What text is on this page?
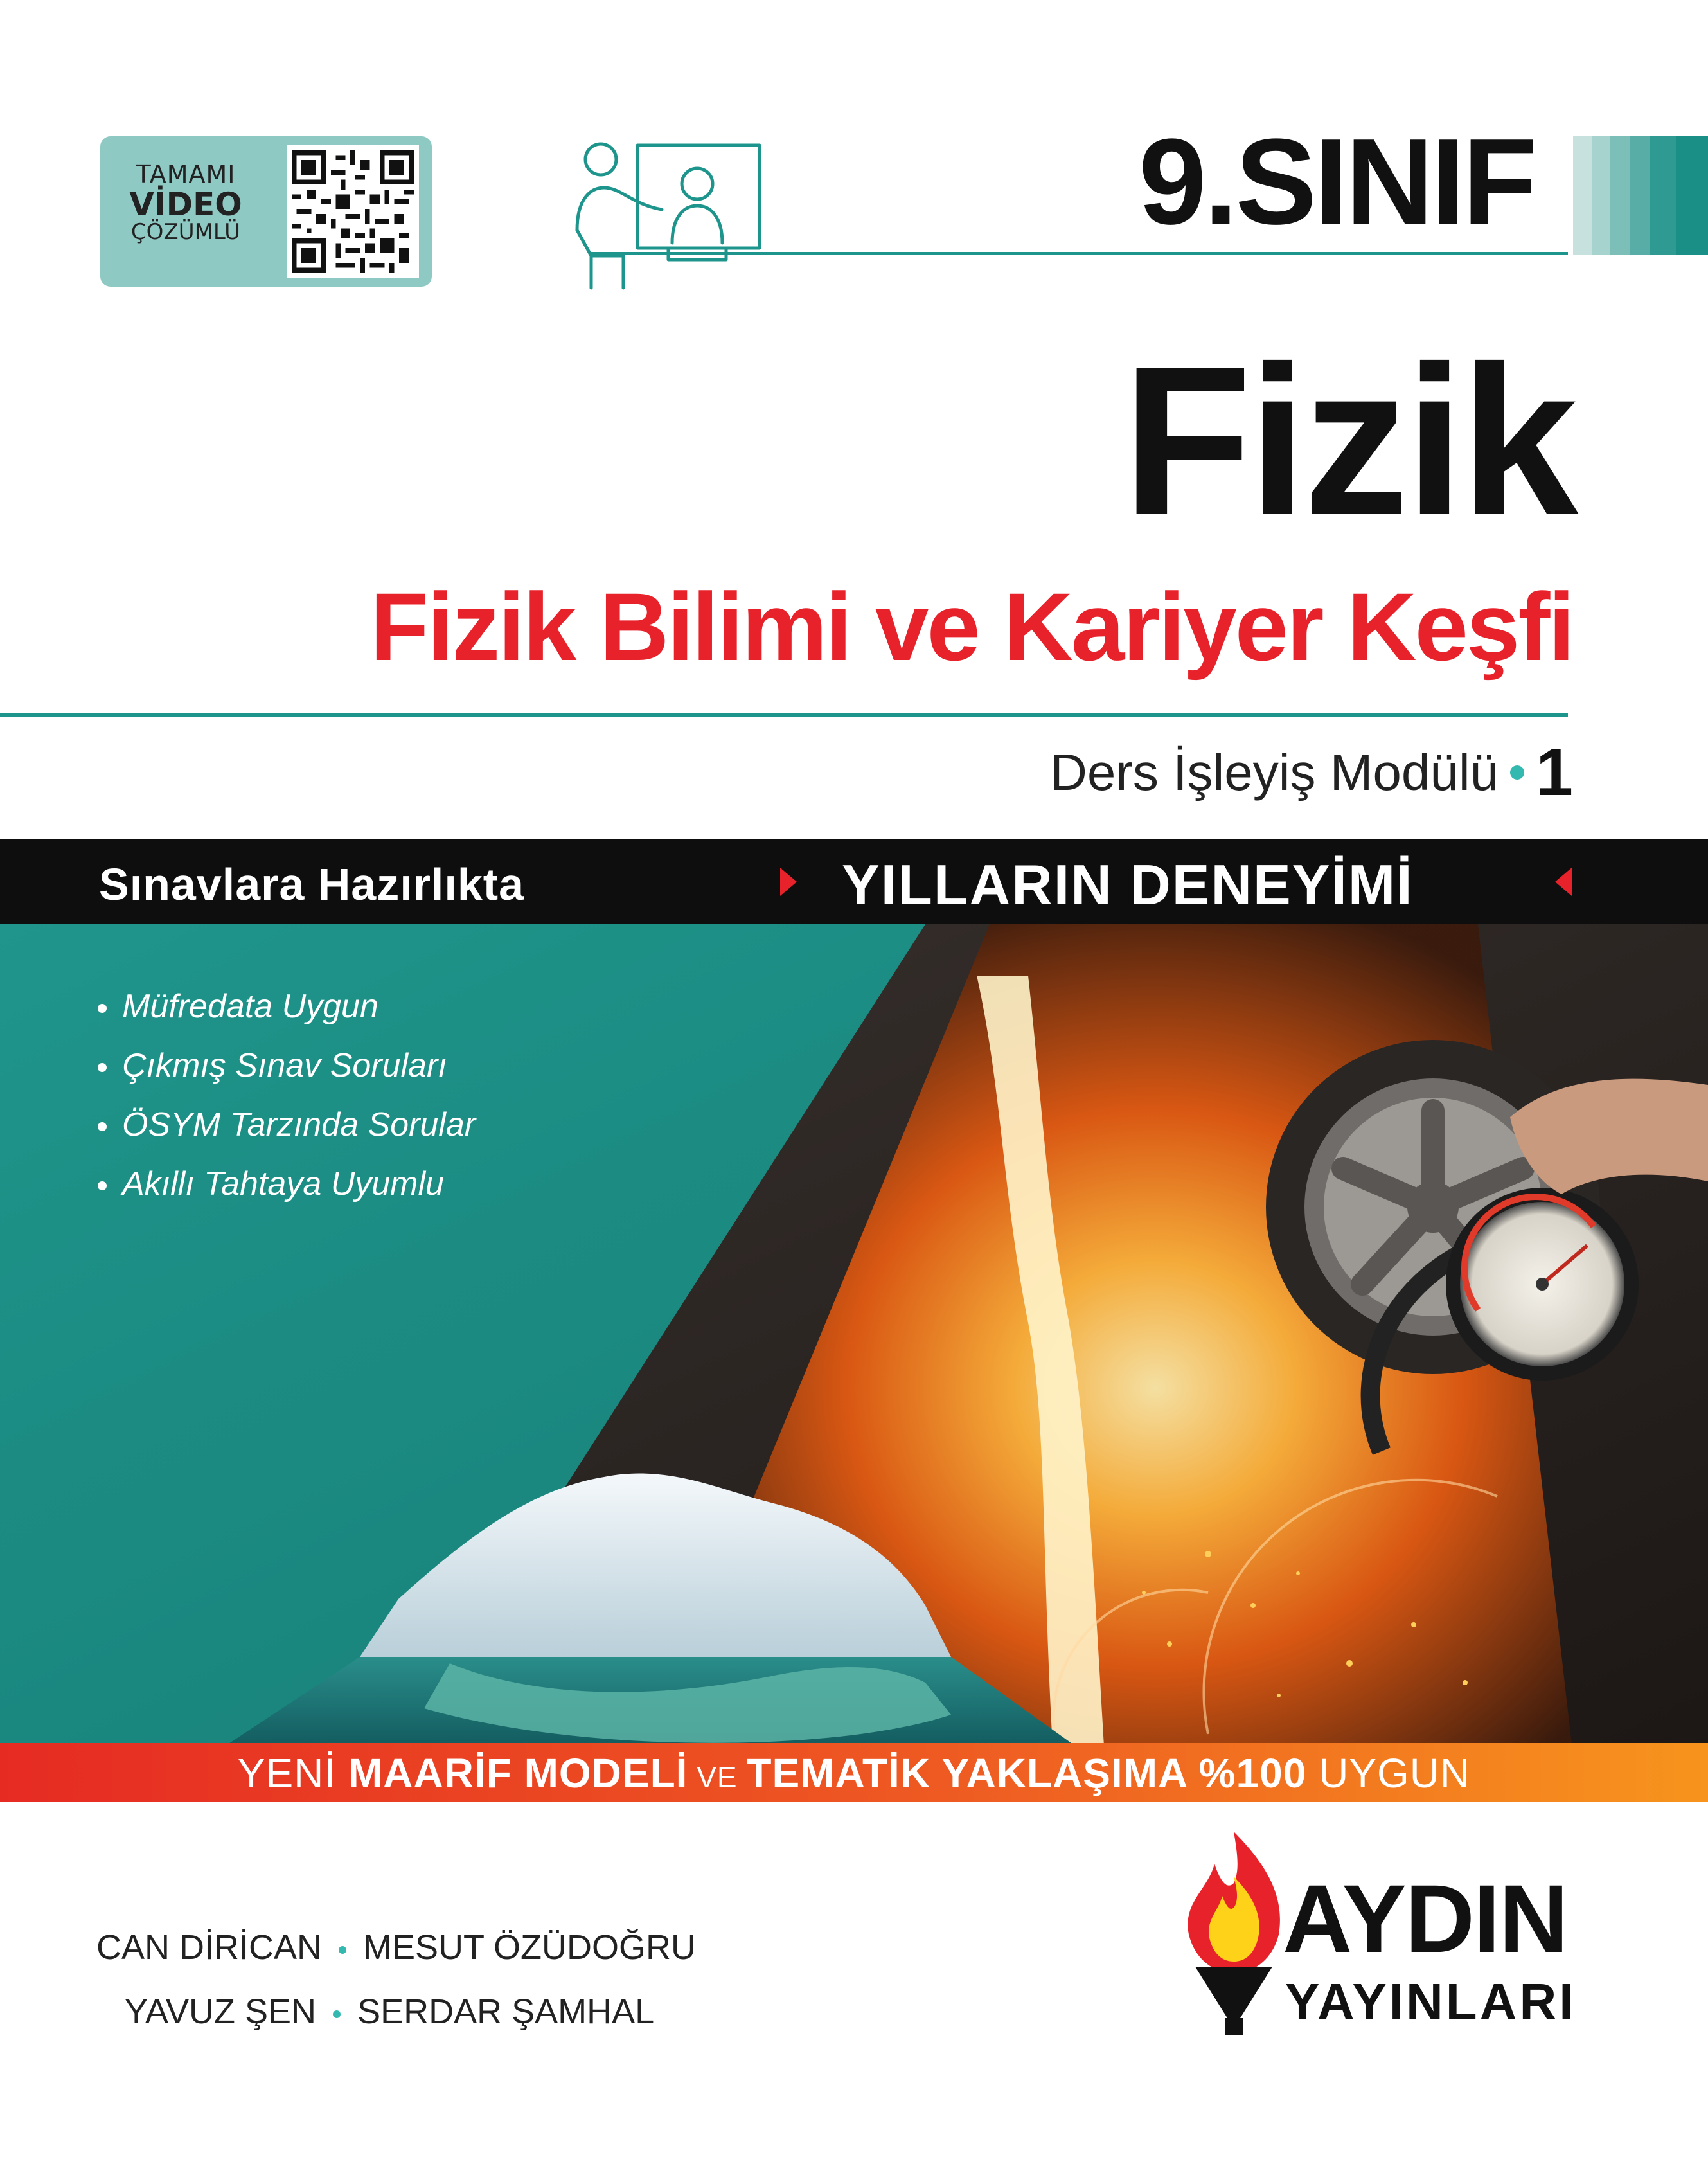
TAMAMI
VİDEO
ÇÖZÜMLÜ	9.SINIF
Fizik
Fizik Bilimi ve Kariyer Keşfi
Ders İşleyiş Modülü 1
Sınavlara Hazırlıkta	YILLARIN DENEYİMİ
Müfredata Uygun
Çıkmış Sınav Soruları
ÖSYM Tarzında Sorular
Akıllı Tahtaya Uyumlu
YENİ MAARİF MODELİ VE TEMATİK YAKLAŞIMA %100 UYGUN
CAN DİRİCAN MESUT ÖZÜDOĞRU
YAVUZ ŞEN SERDAR ŞAMHAL
AYDIN
YAYINLARI
